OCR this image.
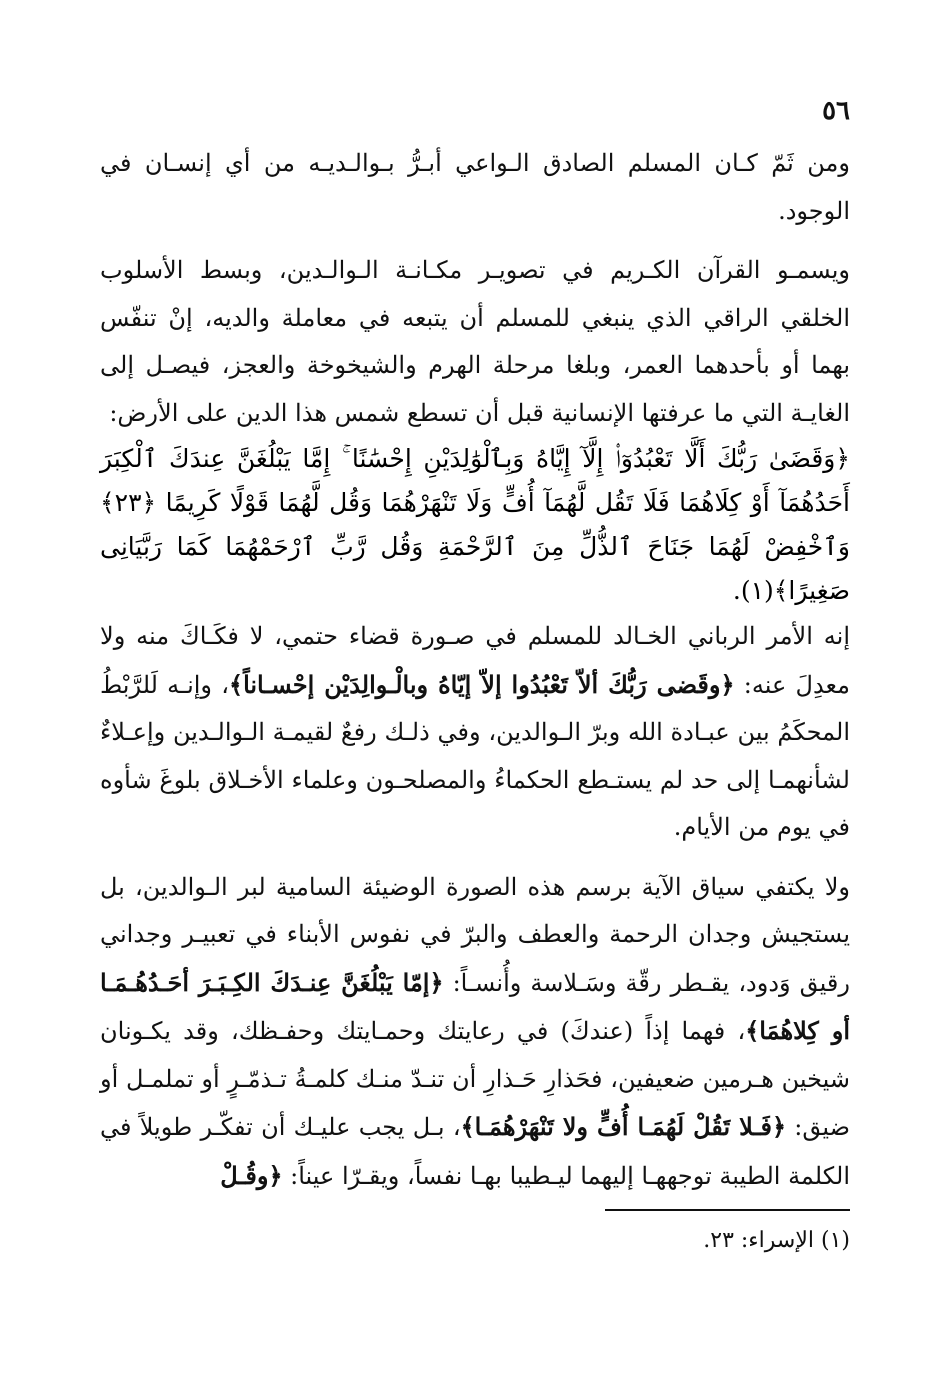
٥٦

ومن ثَمّ كـان المسلم الصادق الـواعي أبـرُّ بـوالـديـه من أي إنسـان في الوجود.

ويسمـو القرآن الكـريم في تصويـر مكـانـة الـوالـدين، وبسط الأسلوب الخلقي الراقي الذي ينبغي للمسلم أن يتبعه في معاملة والديه، إنْ تنفّس بهما أو بأحدهما العمر، وبلغا مرحلة الهرم والشيخوخة والعجز، فيصـل إلى الغايـة التي ما عرفتها الإنسانية قبل أن تسطع شمس هذا الدين على الأرض:

﴿وَقَضَىٰ رَبُّكَ أَلَّا تَعْبُدُوٓا۟ إِلَّآ إِيَّاهُ وَبِٱلْوَٰلِدَيْنِ إِحْسَٰنًا ۚ إِمَّا يَبْلُغَنَّ عِندَكَ ٱلْكِبَرَ أَحَدُهُمَآ أَوْ كِلَاهُمَا فَلَا تَقُل لَّهُمَآ أُفٍّ وَلَا تَنْهَرْهُمَا وَقُل لَّهُمَا قَوْلًا كَرِيمًا ﴿٢٣﴾ وَٱخْفِضْ لَهُمَا جَنَاحَ ٱلذُّلِّ مِنَ ٱلرَّحْمَةِ وَقُل رَّبِّ ٱرْحَمْهُمَا كَمَا رَبَّيَانِى صَغِيرًا﴾(١).

إنه الأمر الرباني الخـالد للمسلم في صـورة قضاء حتمي، لا فكَـاكَ منه ولا معدِلَ عنه: ﴿وقَضى رَبُّكَ ألاّ تَعْبُدُوا إلاّ إيّاهُ وبالْـوالِدَيْن إحْسـاناً﴾، وإنـه لَلرَّبْطُ المحكَمُ بين عبـادة الله وبرّ الـوالدين، وفي ذلـك رفعٌ لقيمـة الـوالـدين وإعـلاءٌ لشأنهمـا إلى حد لم يستـطع الحكماءُ والمصلحـون وعلماء الأخـلاق بلوغَ شأوه في يوم من الأيام.

ولا يكتفي سياق الآية برسم هذه الصورة الوضيئة السامية لبر الـوالدين، بل يستجيش وجدان الرحمة والعطف والبرّ في نفوس الأبناء في تعبيـر وجداني رقيق وَدود، يقـطر رقّة وسَـلاسة وأُنسـاً: ﴿إمّا يَبْلُغَنَّ عِنـدَكَ الكِـبَـرَ أحَـدُهُـمَـا أو كِلاهُمَا﴾، فهما إذاً (عندكَ) في رعايتك وحمـايتك وحفـظك، وقد يكـونان شيخين هـرمين ضعيفين، فحَذارِ حَـذارِ أن تنـدّ منـك كلمـةُ تـذمّـرٍ أو تملمـل أو ضيق: ﴿فَـلا تَقُلْ لَهُمَـا أُفٍّ ولا تَنْهَرْهُمَـا﴾، بـل يجب عليـك أن تفكّـر طويلاً في الكلمة الطيبة توجههـا إليهما ليـطيبا بهـا نفساً، ويقـرّا عيناً: ﴿وقُـلْ

(١) الإسراء: ٢٣.
